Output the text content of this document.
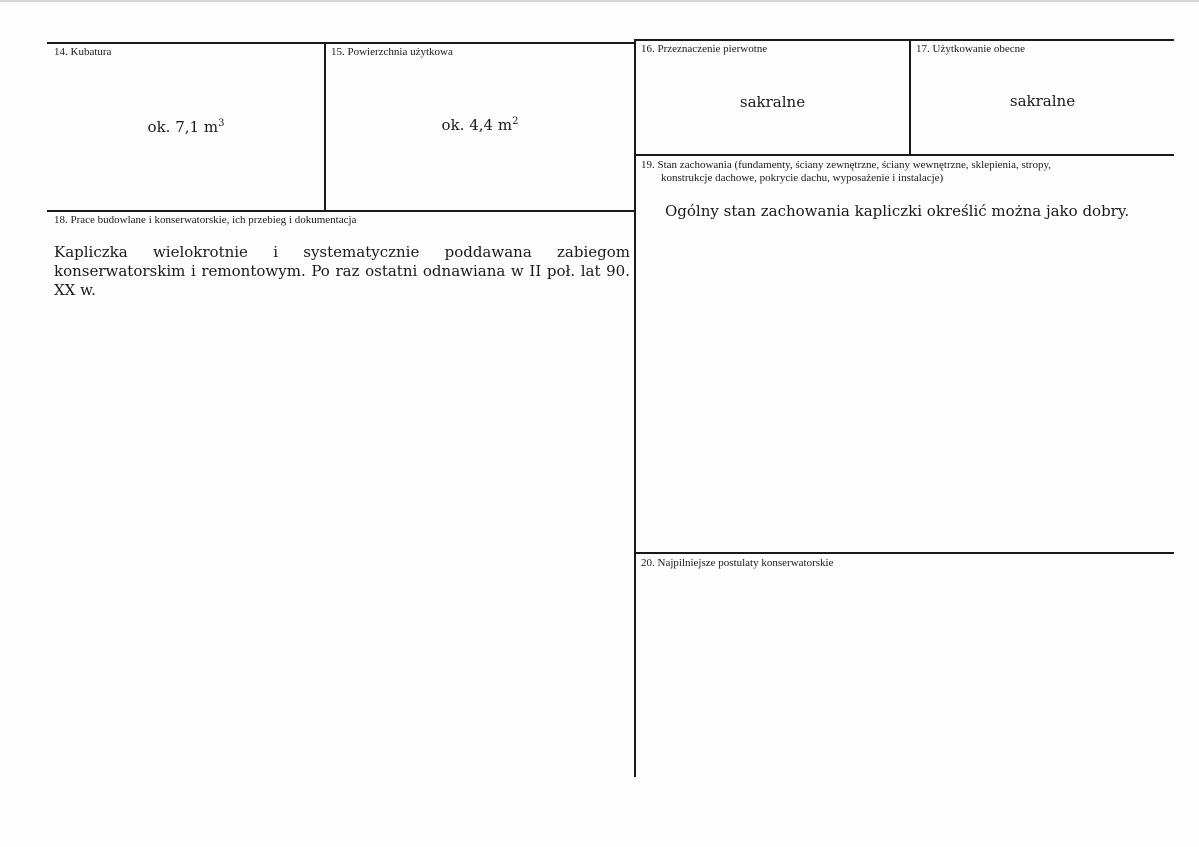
14. Kubatura
ok. 7,1 $m^3$
15. Powierzchnia użytkowa
ok. 4,4 $m^2$
16. Przeznaczenie pierwotne
sakralne
17. Użytkowanie obecne
sakralne
18. Prace budowlane i konserwatorskie, ich przebieg i dokumentacja
Kapliczka wielokrotnie i systematycznie poddawana zabiegom
konserwatorskim i remontowym. Po raz ostatni odnawiana w II poł. lat 90.
XX w.
19. Stan zachowania (fundamenty, ściany zewnętrzne, ściany wewnętrzne, sklepienia, stropy,
konstrukcje dachowe, pokrycie dachu, wyposażenie i instalacje)
Ogólny stan zachowania kapliczki określić można jako dobry.
20. Najpilniejsze postulaty konserwatorskie
